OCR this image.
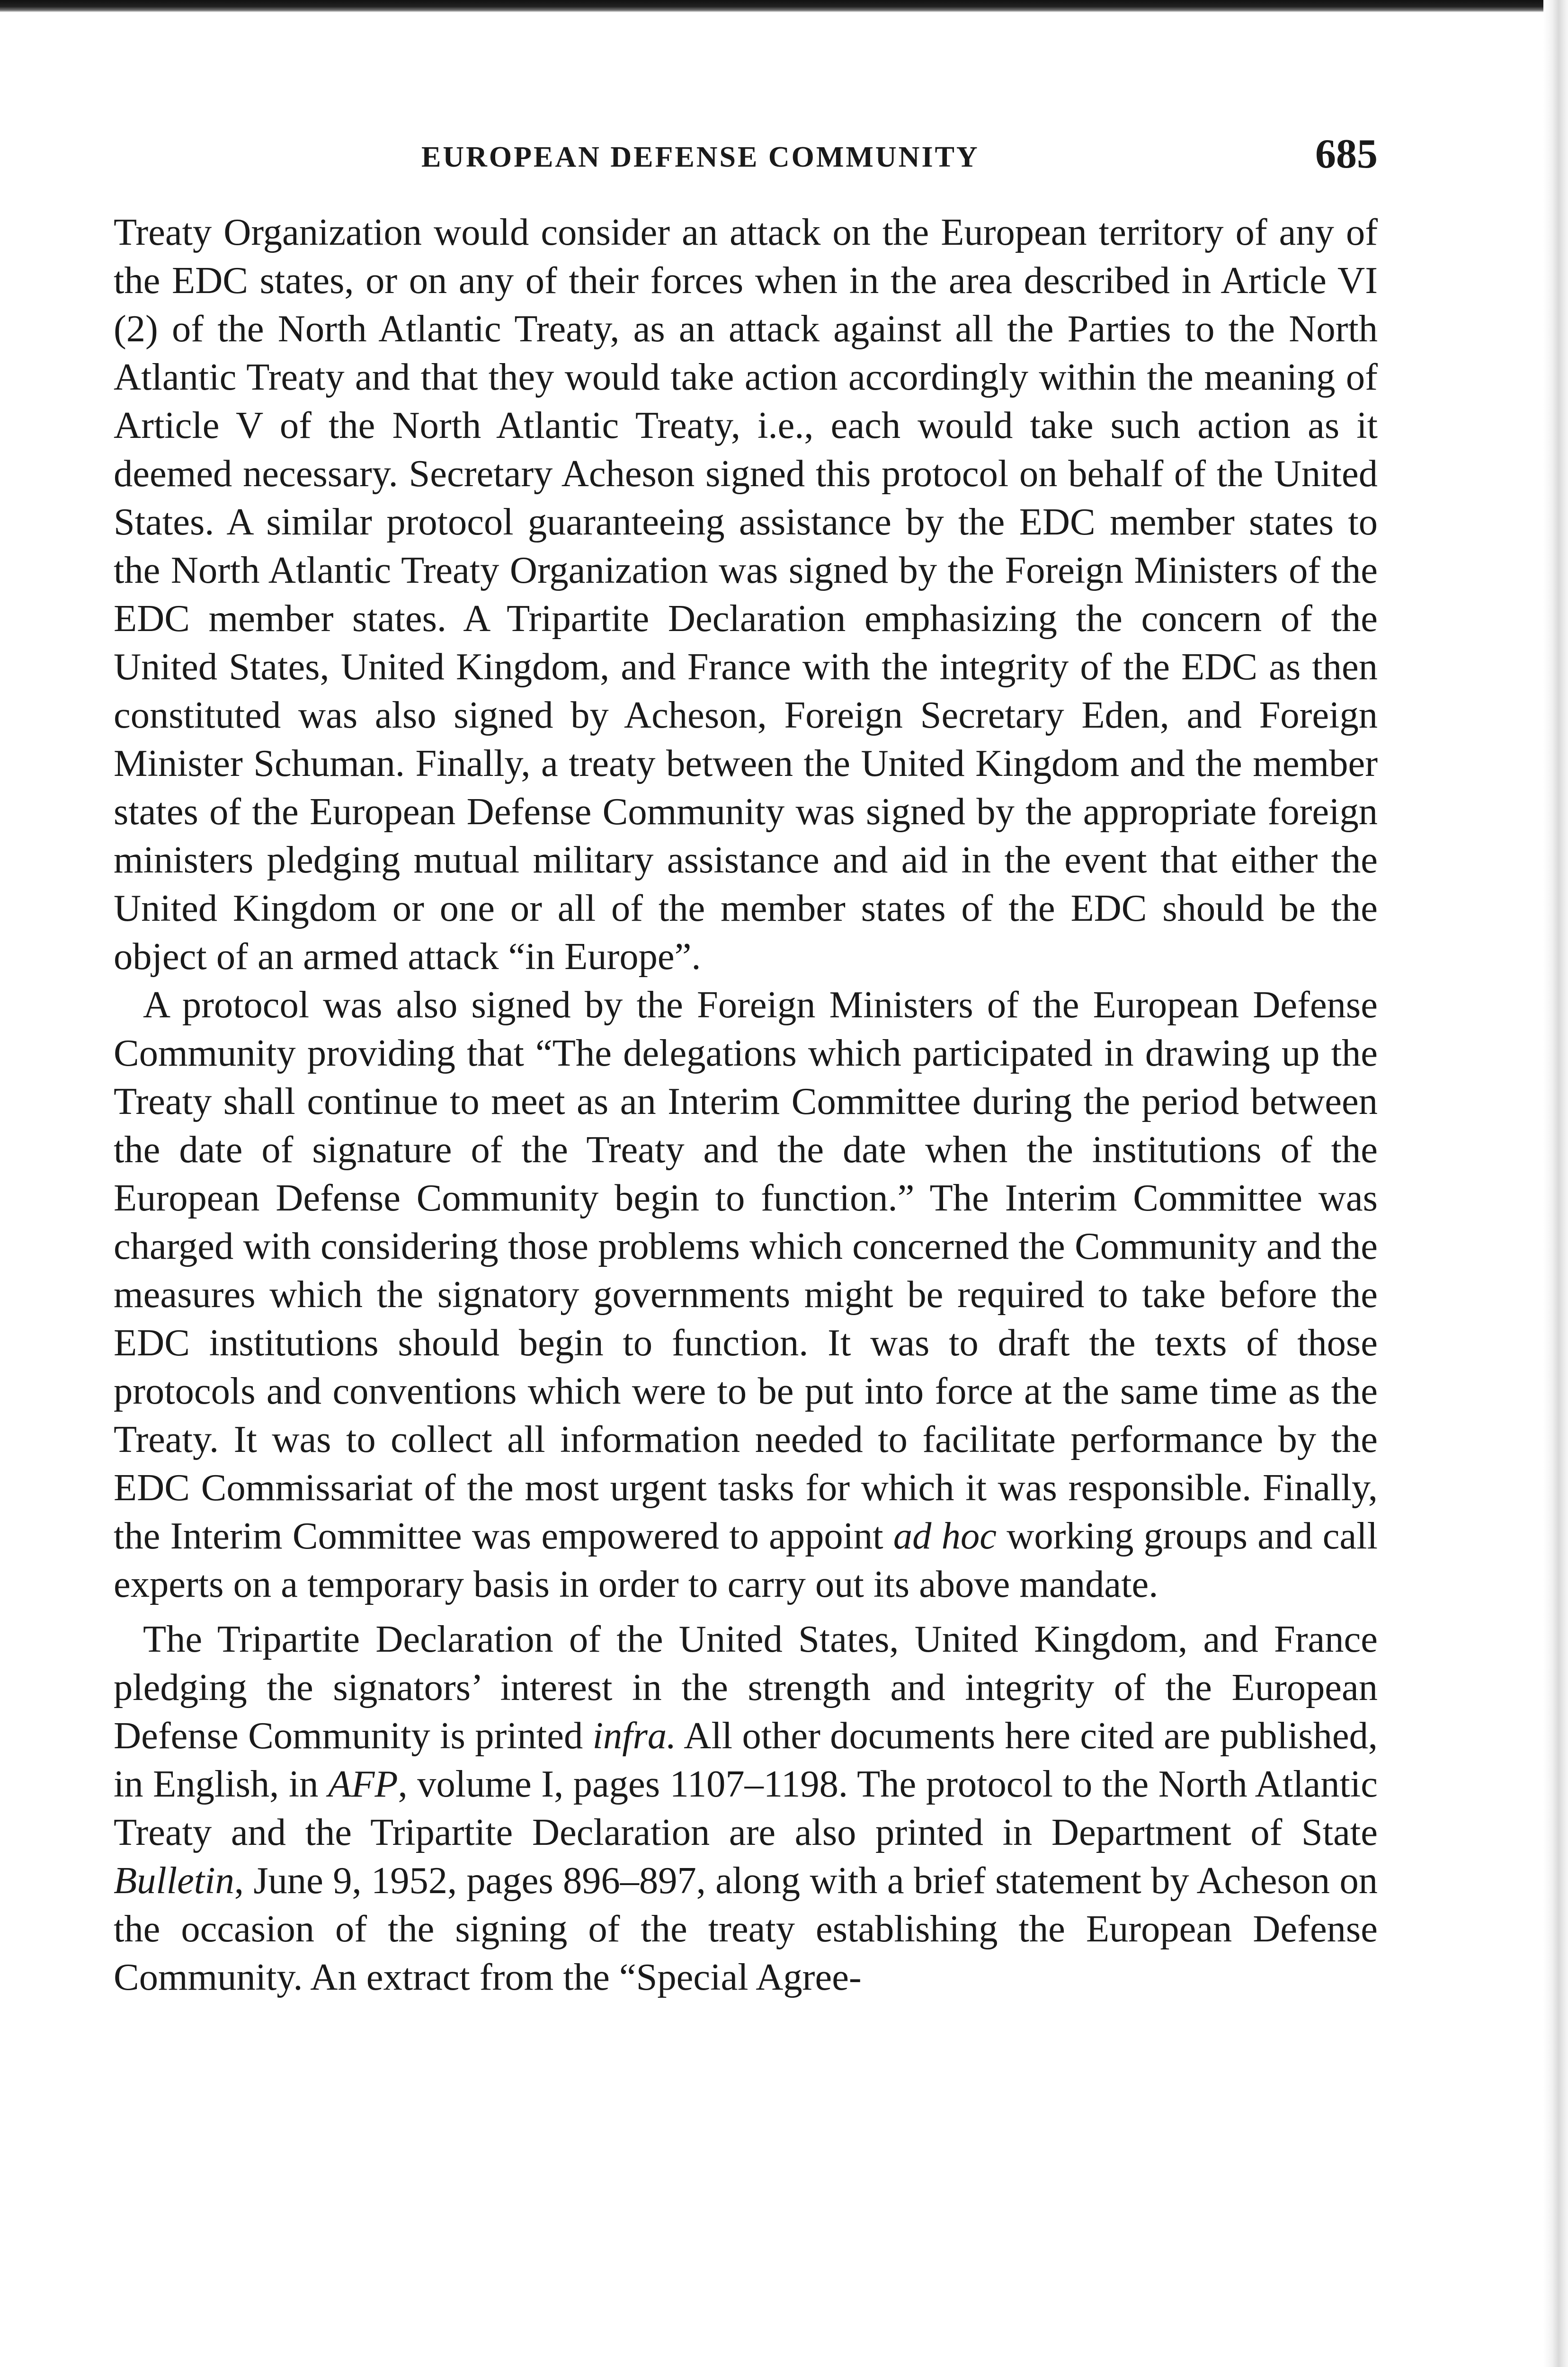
EUROPEAN DEFENSE COMMUNITY	685

Treaty Organization would consider an attack on the European territory of any of the EDC states, or on any of their forces when in the area described in Article VI (2) of the North Atlantic Treaty, as an attack against all the Parties to the North Atlantic Treaty and that they would take action accordingly within the meaning of Article V of the North Atlantic Treaty, i.e., each would take such action as it deemed necessary. Secretary Acheson signed this protocol on behalf of the United States. A similar protocol guaranteeing assistance by the EDC member states to the North Atlantic Treaty Organization was signed by the Foreign Ministers of the EDC member states. A Tripartite Declaration emphasizing the concern of the United States, United Kingdom, and France with the integrity of the EDC as then constituted was also signed by Acheson, Foreign Secretary Eden, and Foreign Minister Schuman. Finally, a treaty between the United Kingdom and the member states of the European Defense Community was signed by the appropriate foreign ministers pledging mutual military assistance and aid in the event that either the United Kingdom or one or all of the member states of the EDC should be the object of an armed attack “in Europe”.

A protocol was also signed by the Foreign Ministers of the European Defense Community providing that “The delegations which participated in drawing up the Treaty shall continue to meet as an Interim Committee during the period between the date of signature of the Treaty and the date when the institutions of the European Defense Community begin to function.” The Interim Committee was charged with considering those problems which concerned the Community and the measures which the signatory governments might be required to take before the EDC institutions should begin to function. It was to draft the texts of those protocols and conventions which were to be put into force at the same time as the Treaty. It was to collect all information needed to facilitate performance by the EDC Commissariat of the most urgent tasks for which it was responsible. Finally, the Interim Committee was empowered to appoint ad hoc working groups and call experts on a temporary basis in order to carry out its above mandate.

The Tripartite Declaration of the United States, United Kingdom, and France pledging the signators’ interest in the strength and integrity of the European Defense Community is printed infra. All other documents here cited are published, in English, in AFP, volume I, pages 1107–1198. The protocol to the North Atlantic Treaty and the Tripartite Declaration are also printed in Department of State Bulletin, June 9, 1952, pages 896–897, along with a brief statement by Acheson on the occasion of the signing of the treaty establishing the European Defense Community. An extract from the “Special Agree-
